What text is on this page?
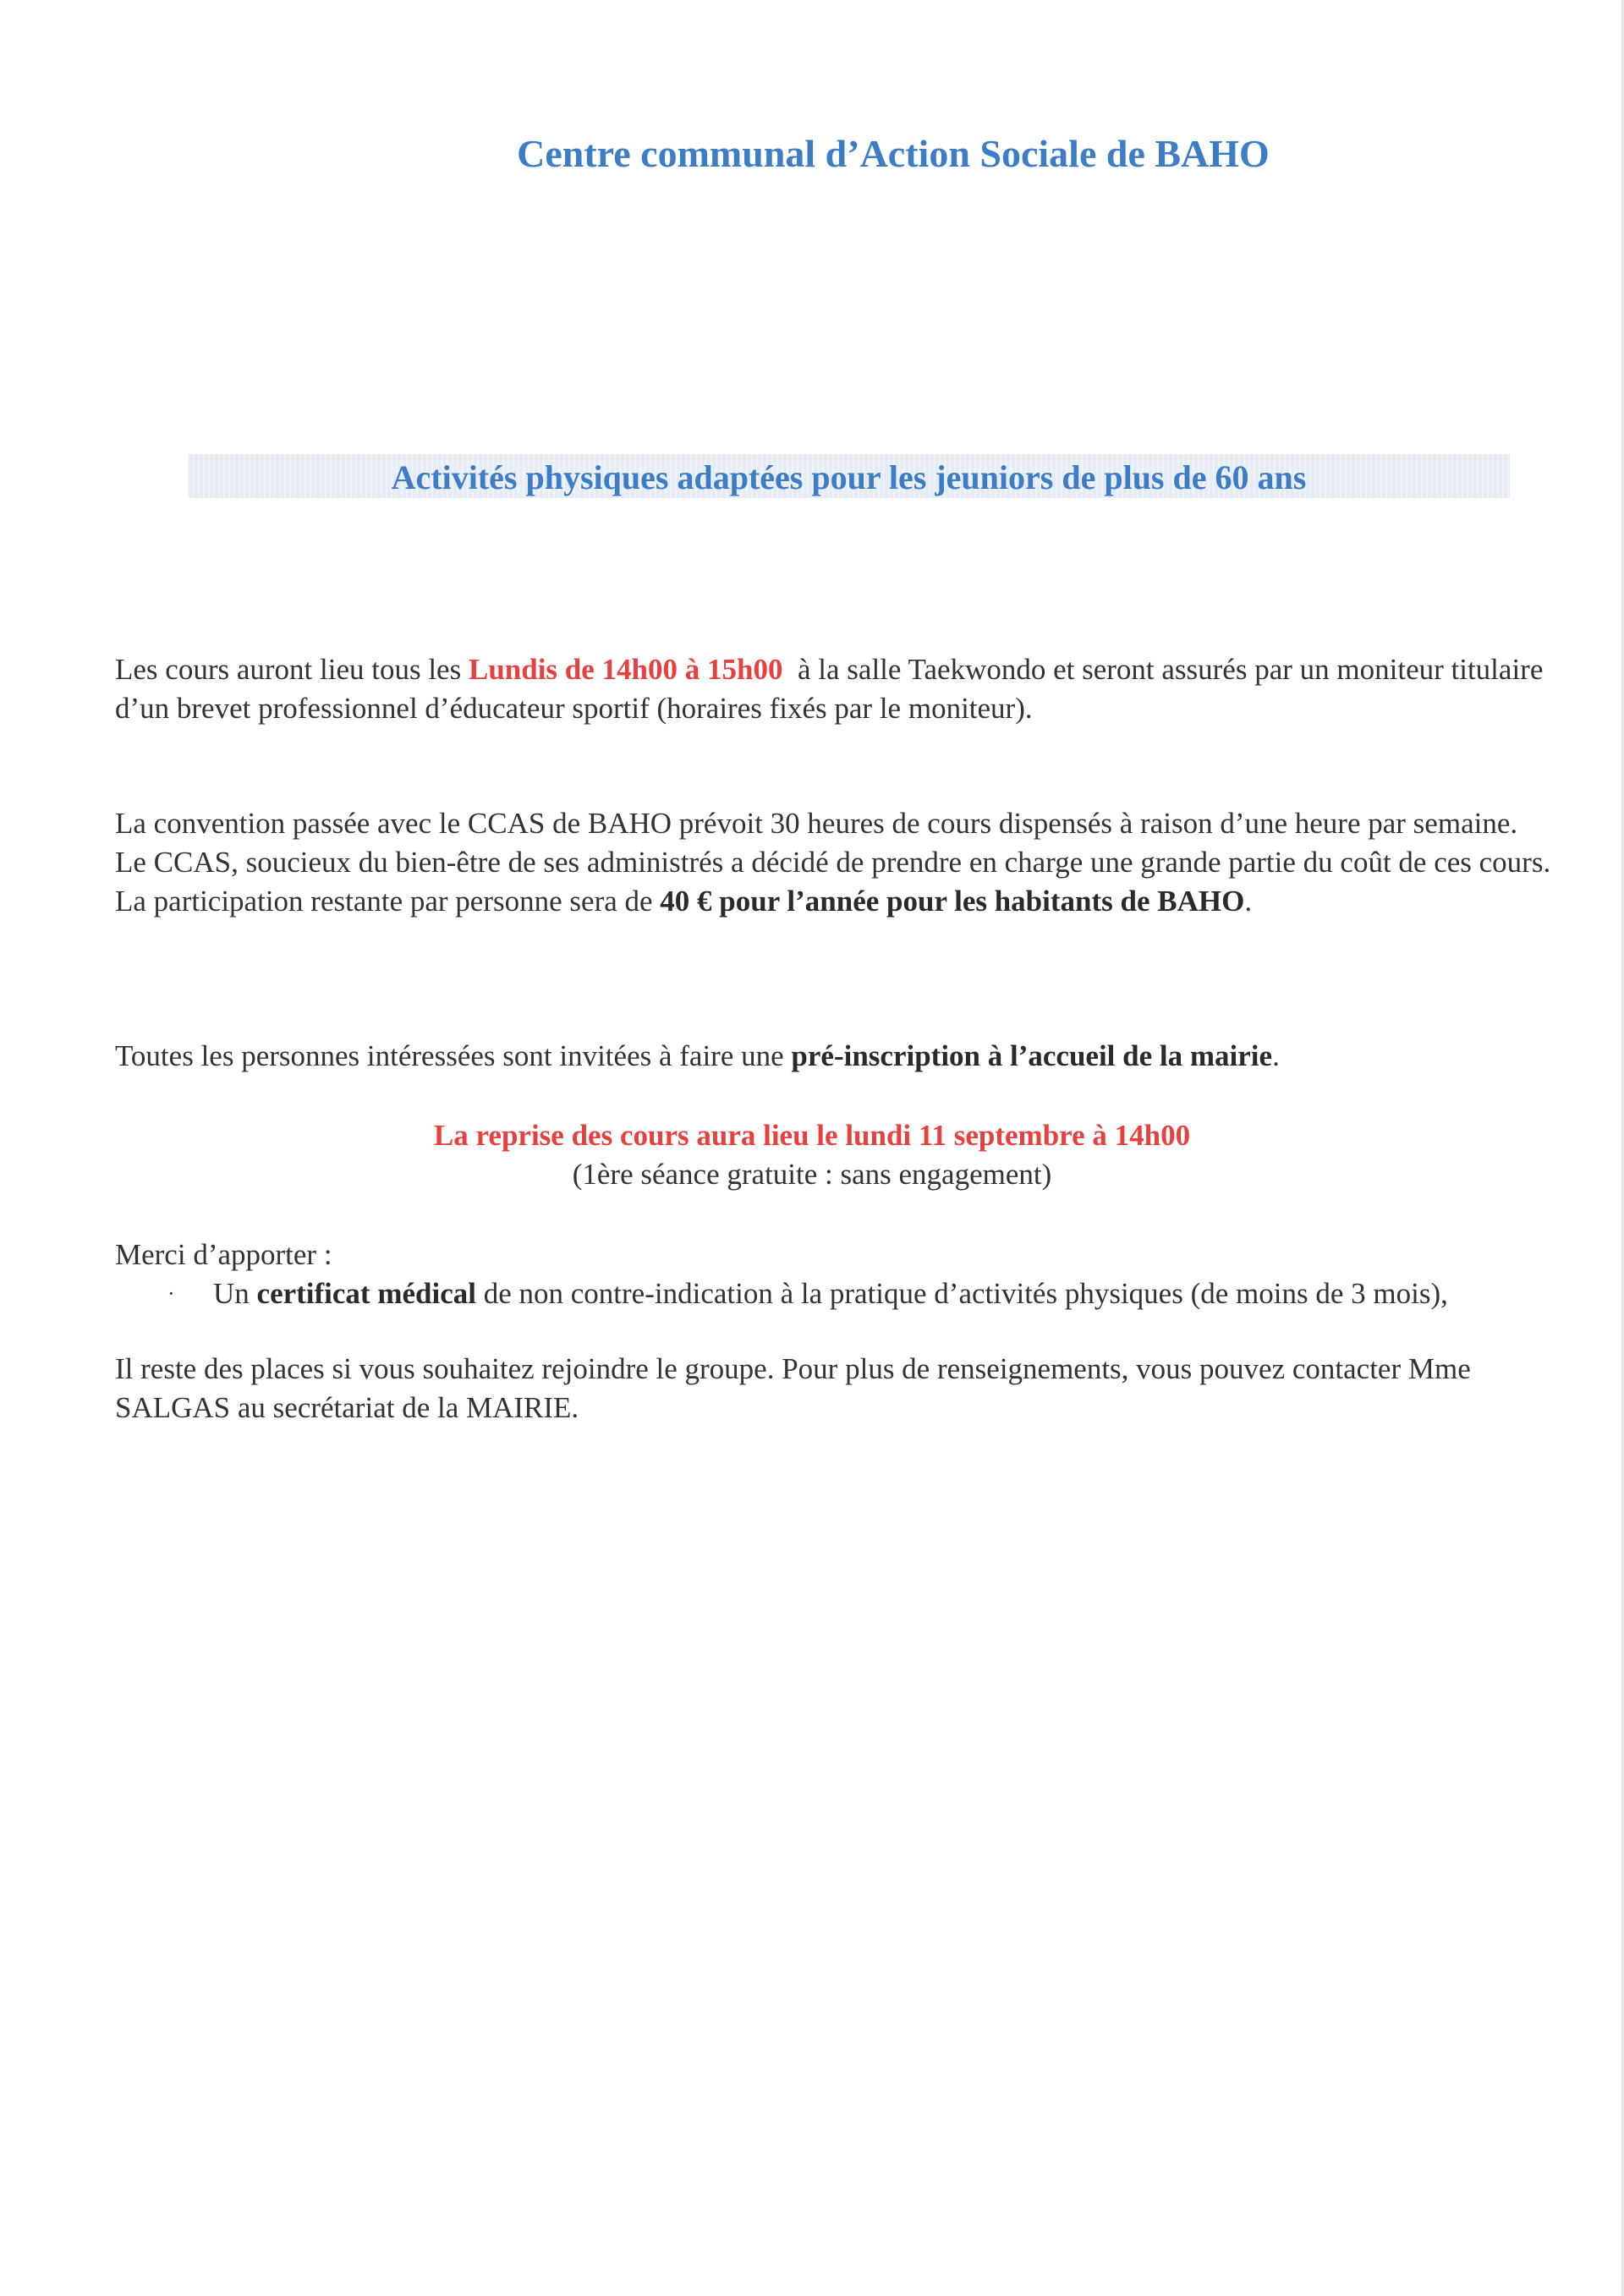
Centre communal d’Action Sociale de BAHO
Activités physiques adaptées pour les jeuniors de plus de 60 ans
Les cours auront lieu tous les Lundis de 14h00 à 15h00  à la salle Taekwondo et seront assurés par un moniteur titulaire d’un brevet professionnel d’éducateur sportif (horaires fixés par le moniteur).
La convention passée avec le CCAS de BAHO prévoit 30 heures de cours dispensés à raison d’une heure par semaine.
Le CCAS, soucieux du bien-être de ses administrés a décidé de prendre en charge une grande partie du coût de ces cours.
La participation restante par personne sera de 40 € pour l’année pour les habitants de BAHO.
Toutes les personnes intéressées sont invitées à faire une pré-inscription à l’accueil de la mairie.
La reprise des cours aura lieu le lundi 11 septembre à 14h00
(1ère séance gratuite : sans engagement)
Merci d’apporter :
· Un certificat médical de non contre-indication à la pratique d’activités physiques (de moins de 3 mois),
Il reste des places si vous souhaitez rejoindre le groupe. Pour plus de renseignements, vous pouvez contacter Mme SALGAS au secrétariat de la MAIRIE.
